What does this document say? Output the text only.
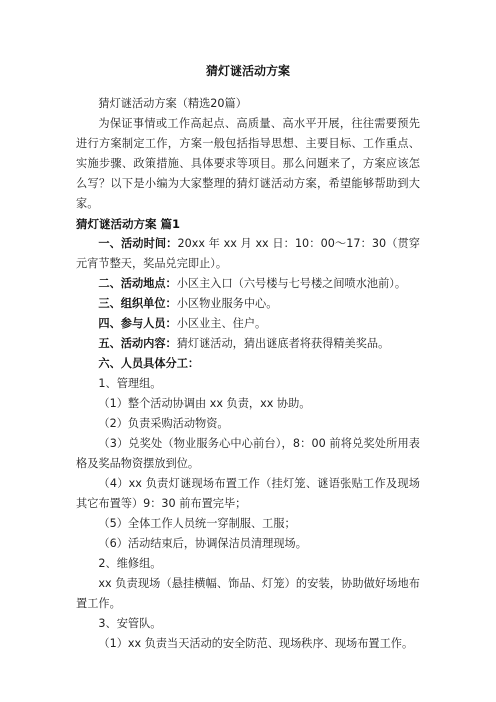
猜灯谜活动方案

猜灯谜活动方案（精选20篇）

为保证事情或工作高起点、高质量、高水平开展，往往需要预先进行方案制定工作，方案一般包括指导思想、主要目标、工作重点、实施步骤、政策措施、具体要求等项目。那么问题来了，方案应该怎么写？以下是小编为大家整理的猜灯谜活动方案，希望能够帮助到大家。

猜灯谜活动方案 篇1

一、活动时间：20xx 年 xx 月 xx 日：10：00～17：30（贯穿元宵节整天，奖品兑完即止）。

二、活动地点：小区主入口（六号楼与七号楼之间喷水池前）。

三、组织单位：小区物业服务中心。

四、参与人员：小区业主、住户。

五、活动内容：猜灯谜活动，猜出谜底者将获得精美奖品。

六、人员具体分工：

1、管理组。

（1）整个活动协调由 xx 负责，xx 协助。

（2）负责采购活动物资。

（3）兑奖处（物业服务心中心前台），8：00 前将兑奖处所用表格及奖品物资摆放到位。

（4）xx 负责灯谜现场布置工作（挂灯笼、谜语张贴工作及现场其它布置等）9：30 前布置完毕；

（5）全体工作人员统一穿制服、工服；

（6）活动结束后，协调保洁员清理现场。

2、维修组。

xx 负责现场（悬挂横幅、饰品、灯笼）的安装，协助做好场地布置工作。

3、安管队。

（1）xx 负责当天活动的安全防范、现场秩序、现场布置工作。
